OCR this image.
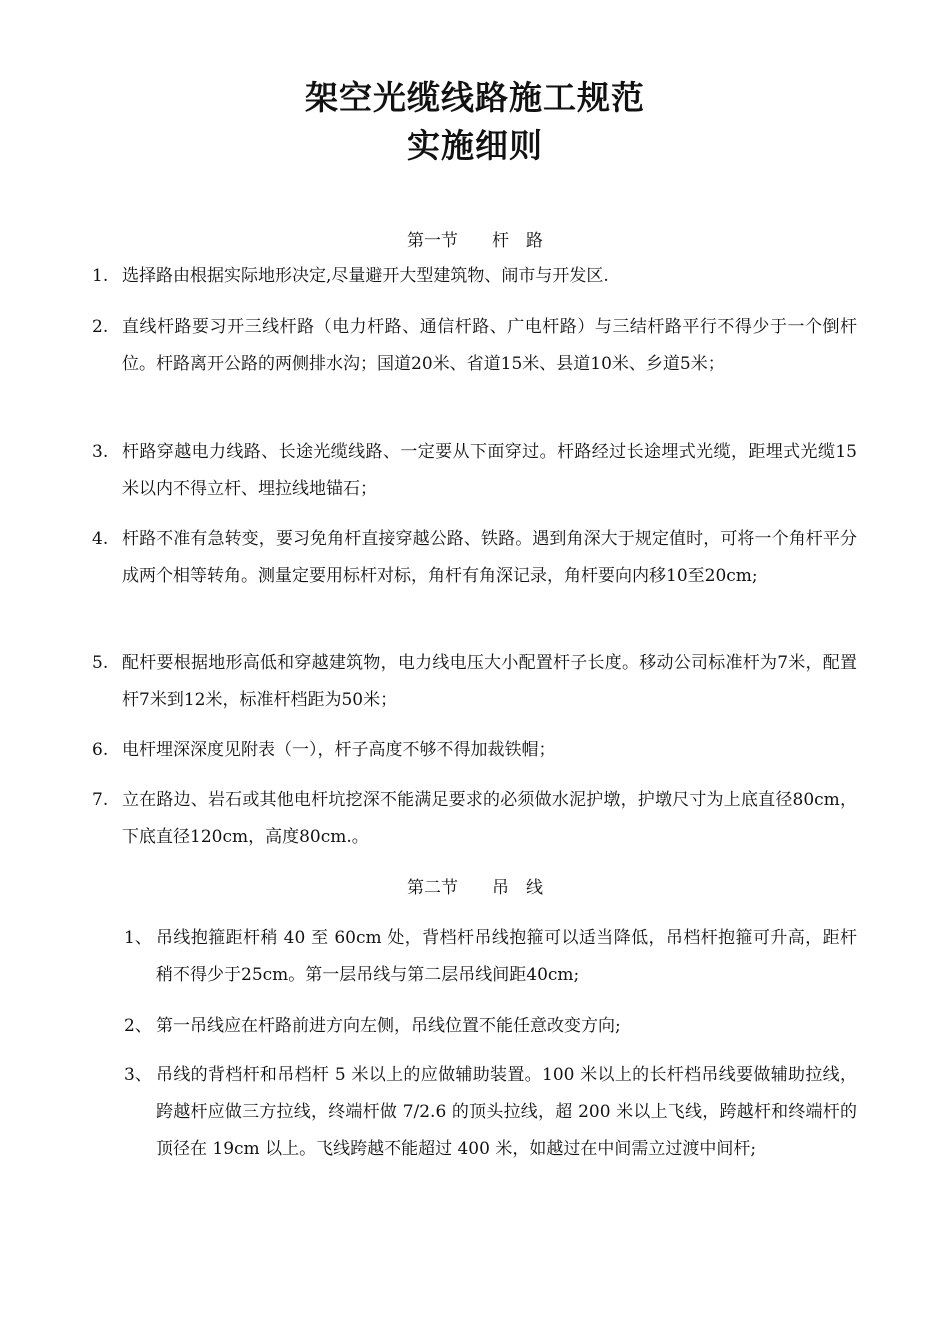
架空光缆线路施工规范
实施细则
第一节　　杆　路
1. 选择路由根据实际地形决定,尽量避开大型建筑物、闹市与开发区.
2. 直线杆路要习开三线杆路（电力杆路、通信杆路、广电杆路）与三结杆路平行不得少于一个倒杆位。杆路离开公路的两侧排水沟；国道20米、省道15米、县道10米、乡道5米；
3. 杆路穿越电力线路、长途光缆线路、一定要从下面穿过。杆路经过长途埋式光缆，距埋式光缆15米以内不得立杆、埋拉线地锚石；
4. 杆路不准有急转变，要习免角杆直接穿越公路、铁路。遇到角深大于规定值时，可将一个角杆平分成两个相等转角。测量定要用标杆对标，角杆有角深记录，角杆要向内移10至20cm;
5. 配杆要根据地形高低和穿越建筑物，电力线电压大小配置杆子长度。移动公司标准杆为7米，配置杆7米到12米，标准杆档距为50米；
6. 电杆埋深深度见附表（一），杆子高度不够不得加裁铁帽；
7. 立在路边、岩石或其他电杆坑挖深不能满足要求的必须做水泥护墩，护墩尺寸为上底直径80cm，下底直径120cm，高度80cm.。
第二节　　吊　线
1、 吊线抱箍距杆稍 40 至 60cm 处，背档杆吊线抱箍可以适当降低，吊档杆抱箍可升高，距杆稍不得少于25cm。第一层吊线与第二层吊线间距40cm;
2、 第一吊线应在杆路前进方向左侧，吊线位置不能任意改变方向;
3、 吊线的背档杆和吊档杆 5 米以上的应做辅助装置。100 米以上的长杆档吊线要做辅助拉线，跨越杆应做三方拉线，终端杆做 7/2.6 的顶头拉线，超 200 米以上飞线，跨越杆和终端杆的顶径在 19cm 以上。飞线跨越不能超过 400 米，如越过在中间需立过渡中间杆;
